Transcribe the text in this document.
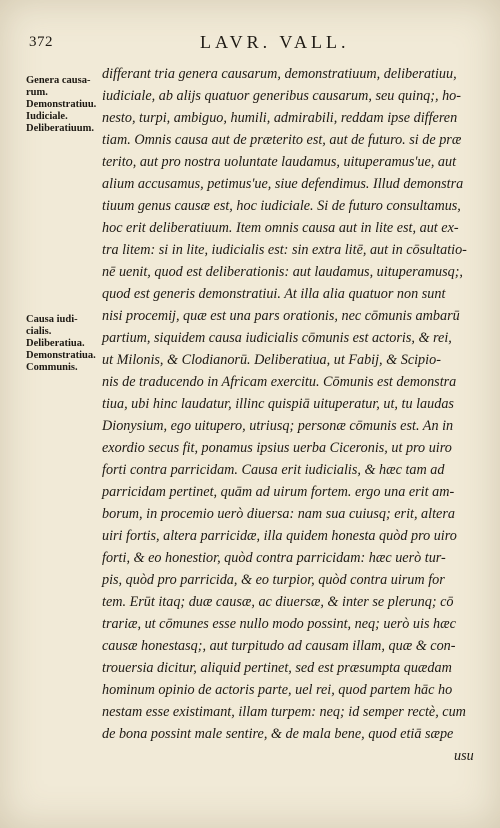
372	LAVR. VALL.
Genera causa-
rum.
Demonstratiuu.
Iudiciale.
Deliberatiuum.
Causa iudi-
cialis.
Deliberatiua.
Demonstratiua.
Communis.
differant tria genera causarum, demonstratiuum, deliberatiuu,
iudiciale, ab alijs quatuor generibus causarum, seu quinq;, ho-
nesto, turpi, ambiguo, humili, admirabili, reddam ipse differen
tiam. Omnis causa aut de præterito est, aut de futuro. si de præ
terito, aut pro nostra uoluntate laudamus, uituperamus'ue, aut
alium accusamus, petimus'ue, siue defendimus. Illud demonstra
tiuum genus causæ est, hoc iudiciale. Si de futuro consultamus,
hoc erit deliberatiuum. Item omnis causa aut in lite est, aut ex-
tra litem: si in lite, iudicialis est: sin extra litē, aut in cōsultatio-
nē uenit, quod est deliberationis: aut laudamus, uituperamusq;,
quod est generis demonstratiui. At illa alia quatuor non sunt
nisi procemij, quæ est una pars orationis, nec cōmunis ambarū
partium, siquidem causa iudicialis cōmunis est actoris, & rei,
ut Milonis, & Clodianorū. Deliberatiua, ut Fabij, & Scipio-
nis de traducendo in Africam exercitu. Cōmunis est demonstra
tiua, ubi hinc laudatur, illinc quispiā uituperatur, ut, tu laudas
Dionysium, ego uitupero, utriusq; personæ cōmunis est. An in
exordio secus fit, ponamus ipsius uerba Ciceronis, ut pro uiro
forti contra parricidam. Causa erit iudicialis, & hæc tam ad
parricidam pertinet, quām ad uirum fortem. ergo una erit am-
borum, in procemio uerò diuersa: nam sua cuiusq; erit, altera
uiri fortis, altera parricidæ, illa quidem honesta quòd pro uiro
forti, & eo honestior, quòd contra parricidam: hæc uerò tur-
pis, quòd pro parricida, & eo turpior, quòd contra uirum for
tem. Erūt itaq; duæ causæ, ac diuersæ, & inter se plerunq; cō
trariæ, ut cōmunes esse nullo modo possint, neq; uerò uis hæc
causæ honestasq;, aut turpitudo ad causam illam, quæ & con-
trouersia dicitur, aliquid pertinet, sed est præsumpta quædam
hominum opinio de actoris parte, uel rei, quod partem hāc ho
nestam esse existimant, illam turpem: neq; id semper rectè, cum
de bona possint male sentire, & de mala bene, quod etiā sæpe
usu
